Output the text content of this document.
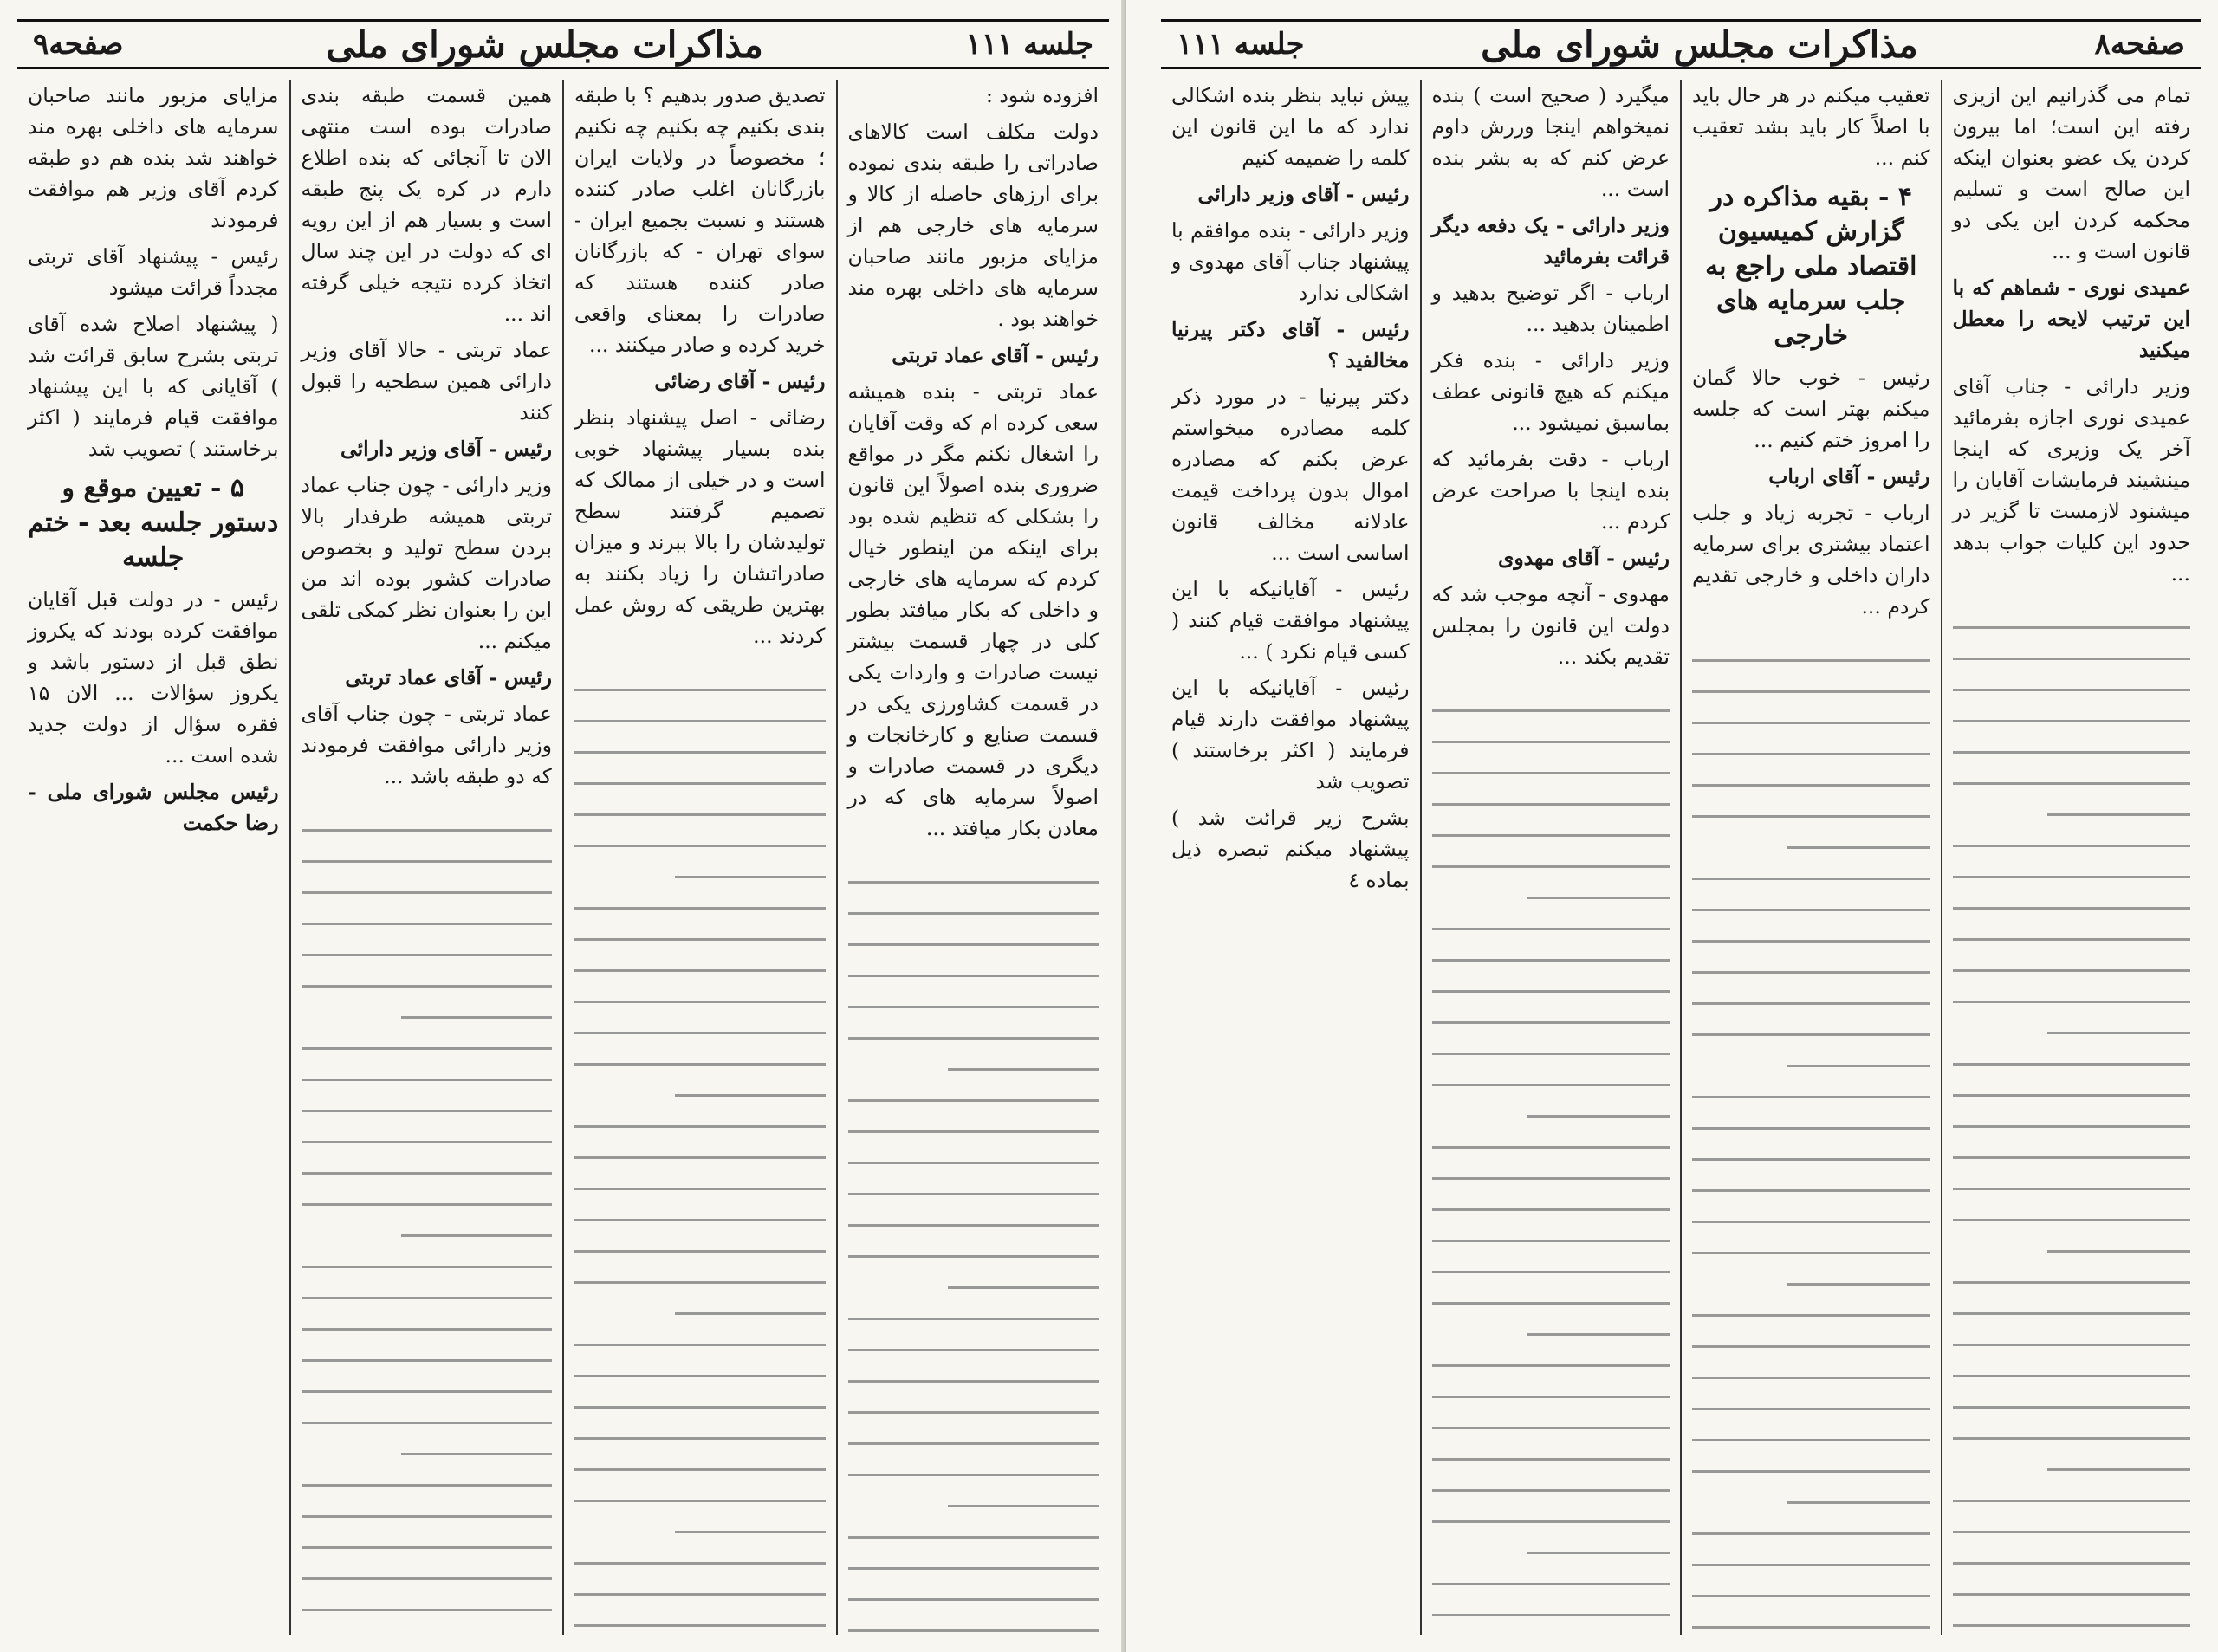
جلسه ۱۱۱
مذاکرات مجلس شورای ملی
صفحه۹

افزوده شود :

دولت مکلف است کالاهای صادراتی را طبقه بندی نموده برای ارزهای حاصله از کالا و سرمایه های خارجی هم از مزایای مزبور مانند صاحبان سرمایه های داخلی بهره مند خواهند بود .

رئیس - آقای عماد تربتی

عماد تربتی - بنده همیشه سعی کرده ام که وقت آقایان را اشغال نکنم مگر در مواقع ضروری بنده اصولاً این قانون را بشکلی که تنظیم شده بود برای اینکه من اینطور خیال کردم که سرمایه های خارجی و داخلی که بکار میافتد بطور کلی در چهار قسمت بیشتر نیست صادرات و واردات یکی در قسمت کشاورزی یکی در قسمت صنایع و کارخانجات و دیگری در قسمت صادرات و اصولاً سرمایه های که در معادن بکار میافتد ...

تصدیق صدور بدهیم ؟ با طبقه بندی بکنیم چه بکنیم چه نکنیم ؛ مخصوصاً در ولایات ایران بازرگانان اغلب صادر کننده هستند و نسبت بجمیع ایران - سوای تهران - که بازرگانان صادر کننده هستند که صادرات را بمعنای واقعی خرید کرده و صادر میکنند ...

رئیس - آقای رضائی

رضائی - اصل پیشنهاد بنظر بنده بسیار پیشنهاد خوبی است و در خیلی از ممالک که تصمیم گرفتند سطح تولیدشان را بالا ببرند و میزان صادراتشان را زیاد بکنند به بهترین طریقی که روش عمل کردند ...

همین قسمت طبقه بندی صادرات بوده است منتهی الان تا آنجائی که بنده اطلاع دارم در کره یک پنج طبقه است و بسیار هم از این رویه ای که دولت در این چند سال اتخاذ کرده نتیجه خیلی گرفته اند ...

عماد تربتی - حالا آقای وزیر دارائی همین سطحیه را قبول کنند

رئیس - آقای وزیر دارائی

وزیر دارائی - چون جناب عماد تربتی همیشه طرفدار بالا بردن سطح تولید و بخصوص صادرات کشور بوده اند من این را بعنوان نظر کمکی تلقی میکنم ...

رئیس - آقای عماد تربتی

عماد تربتی - چون جناب آقای وزیر دارائی موافقت فرمودند که دو طبقه باشد ...

مزایای مزبور مانند صاحبان سرمایه های داخلی بهره مند خواهند شد بنده هم دو طبقه کردم آقای وزیر هم موافقت فرمودند

رئیس - پیشنهاد آقای تربتی مجدداً قرائت میشود

( پیشنهاد اصلاح شده آقای تربتی بشرح سابق قرائت شد ) آقایانی که با این پیشنهاد موافقت قیام فرمایند ( اکثر برخاستند ) تصویب شد

۵ - تعیین موقع و دستور جلسه بعد - ختم جلسه

رئیس - در دولت قبل آقایان موافقت کرده بودند که یکروز نطق قبل از دستور باشد و یکروز سؤالات ... الان ۱۵ فقره سؤال از دولت جدید شده است ...

رئیس مجلس شورای ملی - رضا حکمت

صفحه۸
مذاکرات مجلس شورای ملی
جلسه ۱۱۱

تمام می گذرانیم این ازیزی رفته این است؛ اما بیرون کردن یک عضو بعنوان اینکه این صالح است و تسلیم محکمه کردن این یکی دو قانون است و ...

عمیدی نوری - شماهم که با این ترتیب لایحه را معطل میکنید

وزیر دارائی - جناب آقای عمیدی نوری اجازه بفرمائید آخر یک وزیری که اینجا مینشیند فرمایشات آقایان را میشنود لازمست تا گزیر در حدود این کلیات جواب بدهد ...

تعقیب میکنم در هر حال باید با اصلاً کار باید بشد تعقیب کنم ...

۴ - بقیه مذاکره در گزارش کمیسیون اقتصاد ملی راجع به جلب سرمایه های خارجی

رئیس - خوب حالا گمان میکنم بهتر است که جلسه را امروز ختم کنیم ...

رئیس - آقای ارباب

ارباب - تجربه زیاد و جلب اعتماد بیشتری برای سرمایه داران داخلی و خارجی تقدیم کردم ...

میگیرد ( صحیح است ) بنده نمیخواهم اینجا وررش داوم عرض کنم که به بشر بنده است ...

وزیر دارائی - یک دفعه دیگر قرائت بفرمائید

ارباب - اگر توضیح بدهید و اطمینان بدهید ...

وزیر دارائی - بنده فکر میکنم که هیچ قانونی عطف بماسبق نمیشود ...

ارباب - دقت بفرمائید که بنده اینجا با صراحت عرض کردم ...

رئیس - آقای مهدوی

مهدوی - آنچه موجب شد که دولت این قانون را بمجلس تقدیم بکند ...

پیش نباید بنظر بنده اشکالی ندارد که ما این قانون این کلمه را ضمیمه کنیم

رئیس - آقای وزیر دارائی

وزیر دارائی - بنده موافقم با پیشنهاد جناب آقای مهدوی و اشکالی ندارد

رئیس - آقای دکتر پیرنیا مخالفید ؟

دکتر پیرنیا - در مورد ذکر کلمه مصادره میخواستم عرض بکنم که مصادره اموال بدون پرداخت قیمت عادلانه مخالف قانون اساسی است ...

رئیس - آقایانیکه با این پیشنهاد موافقت قیام کنند ( کسی قیام نکرد ) ...

رئیس - آقایانیکه با این پیشنهاد موافقت دارند قیام فرمایند ( اکثر برخاستند ) تصویب شد

بشرح زیر قرائت شد ) پیشنهاد میکنم تبصره ذیل بماده ٤
